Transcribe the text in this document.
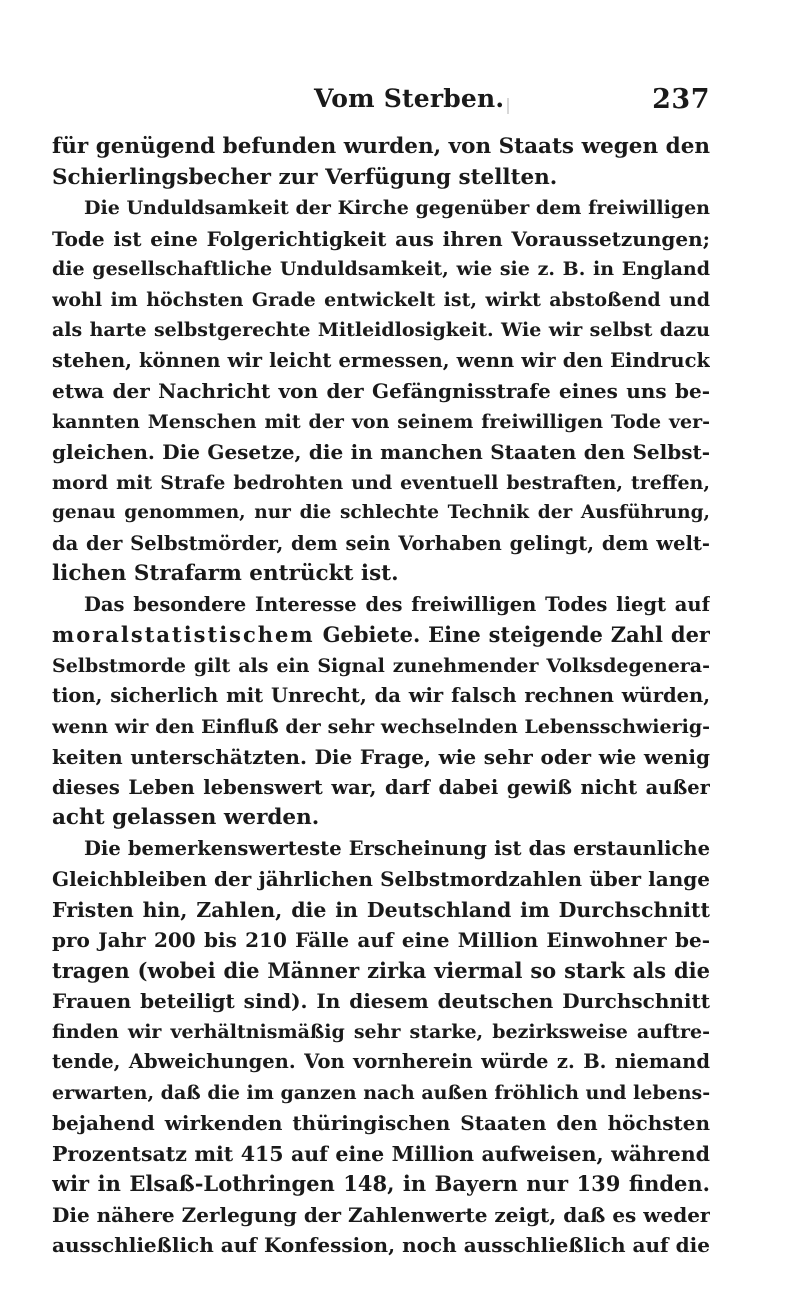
Vom Sterben.	237
für genügend befunden wurden, von Staats wegen den
Schierlingsbecher zur Verfügung stellten.
Die Unduldsamkeit der Kirche gegenüber dem freiwilligen
Tode ist eine Folgerichtigkeit aus ihren Voraussetzungen;
die gesellschaftliche Unduldsamkeit, wie sie z. B. in England
wohl im höchsten Grade entwickelt ist, wirkt abstoßend und
als harte selbstgerechte Mitleidlosigkeit. Wie wir selbst dazu
stehen, können wir leicht ermessen, wenn wir den Eindruck
etwa der Nachricht von der Gefängnisstrafe eines uns be-
kannten Menschen mit der von seinem freiwilligen Tode ver-
gleichen. Die Gesetze, die in manchen Staaten den Selbst-
mord mit Strafe bedrohten und eventuell bestraften, treffen,
genau genommen, nur die schlechte Technik der Ausführung,
da der Selbstmörder, dem sein Vorhaben gelingt, dem welt-
lichen Strafarm entrückt ist.
Das besondere Interesse des freiwilligen Todes liegt auf
moralstatistischem Gebiete. Eine steigende Zahl der
Selbstmorde gilt als ein Signal zunehmender Volksdegenera-
tion, sicherlich mit Unrecht, da wir falsch rechnen würden,
wenn wir den Einfluß der sehr wechselnden Lebensschwierig-
keiten unterschätzten. Die Frage, wie sehr oder wie wenig
dieses Leben lebenswert war, darf dabei gewiß nicht außer
acht gelassen werden.
Die bemerkenswerteste Erscheinung ist das erstaunliche
Gleichbleiben der jährlichen Selbstmordzahlen über lange
Fristen hin, Zahlen, die in Deutschland im Durchschnitt
pro Jahr 200 bis 210 Fälle auf eine Million Einwohner be-
tragen (wobei die Männer zirka viermal so stark als die
Frauen beteiligt sind). In diesem deutschen Durchschnitt
finden wir verhältnismäßig sehr starke, bezirksweise auftre-
tende, Abweichungen. Von vornherein würde z. B. niemand
erwarten, daß die im ganzen nach außen fröhlich und lebens-
bejahend wirkenden thüringischen Staaten den höchsten
Prozentsatz mit 415 auf eine Million aufweisen, während
wir in Elsaß-Lothringen 148, in Bayern nur 139 finden.
Die nähere Zerlegung der Zahlenwerte zeigt, daß es weder
ausschließlich auf Konfession, noch ausschließlich auf die
